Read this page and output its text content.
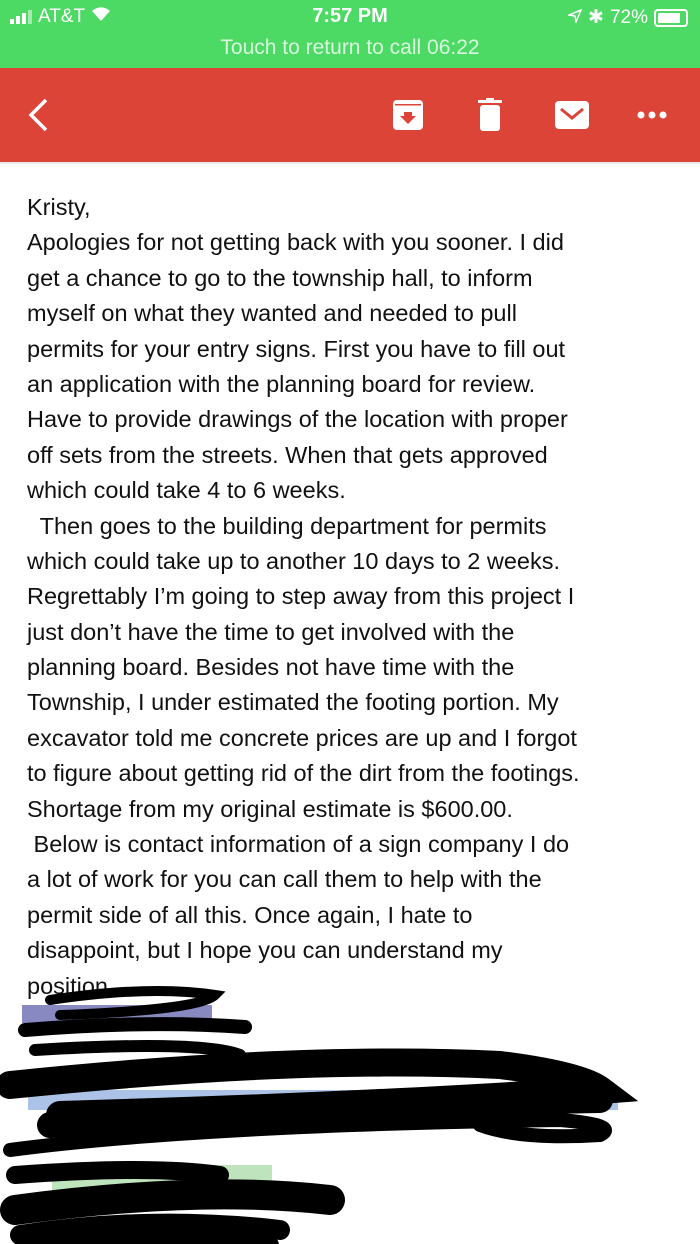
AT&T	7:57 PM	✱ 72%
Touch to return to call 06:22
Kristy,
Apologies for not getting back with you sooner. I did
get a chance to go to the township hall, to inform
myself on what they wanted and needed to pull
permits for your entry signs. First you have to fill out
an application with the planning board for review.
Have to provide drawings of the location with proper
off sets from the streets. When that gets approved
which could take 4 to 6 weeks.
Then goes to the building department for permits
which could take up to another 10 days to 2 weeks.
Regrettably I’m going to step away from this project I
just don’t have the time to get involved with the
planning board. Besides not have time with the
Township, I under estimated the footing portion. My
excavator told me concrete prices are up and I forgot
to figure about getting rid of the dirt from the footings.
Shortage from my original estimate is $600.00.
Below is contact information of a sign company I do
a lot of work for you can call them to help with the
permit side of all this. Once again, I hate to
disappoint, but I hope you can understand my
position.
